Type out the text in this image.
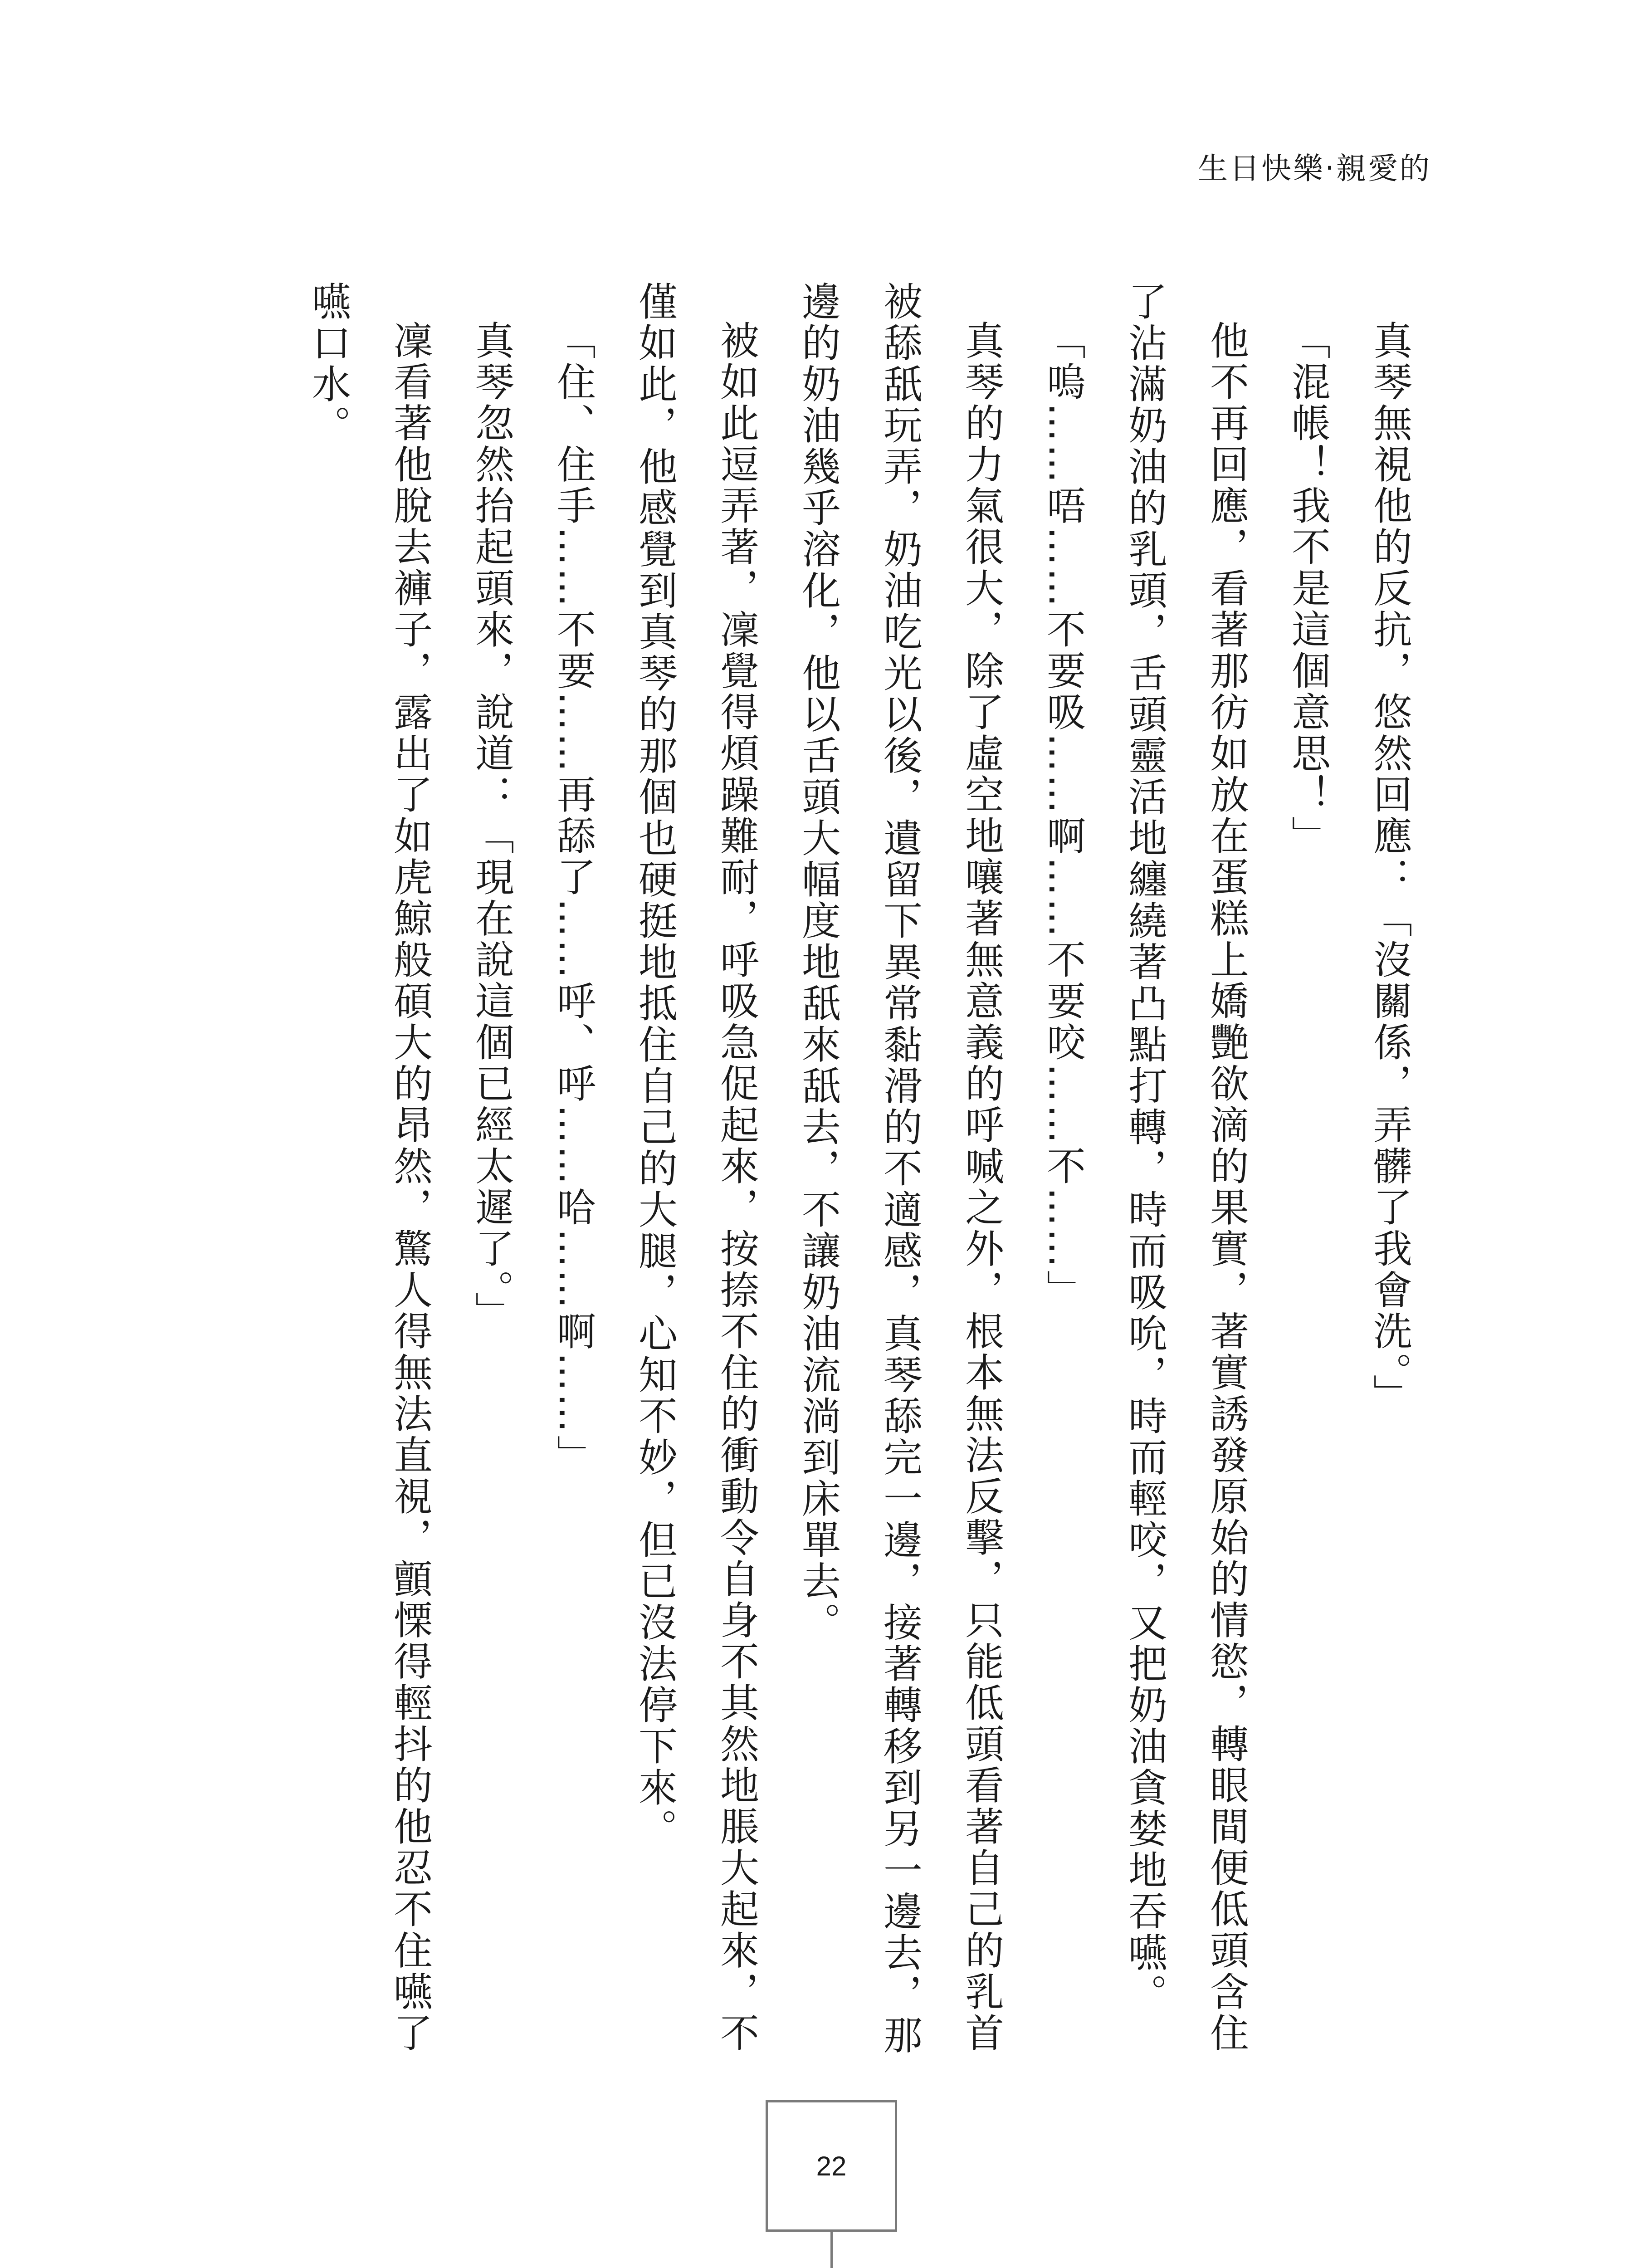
生日快樂‧親愛的

真琴無視他的反抗，悠然回應：「沒關係，弄髒了我會洗。」

「混帳！我不是這個意思！」

他不再回應，看著那彷如放在蛋糕上嬌艷欲滴的果實，著實誘發原始的情慾，轉眼間便低頭含住了沾滿奶油的乳頭，舌頭靈活地纏繞著凸點打轉，時而吸吮，時而輕咬，又把奶油貪婪地吞嚥。

「嗚……唔……不要吸……啊……不要咬……不……」

真琴的力氣很大，除了虛空地嚷著無意義的呼喊之外，根本無法反擊，只能低頭看著自己的乳首被舔舐玩弄，奶油吃光以後，遺留下異常黏滑的不適感，真琴舔完一邊，接著轉移到另一邊去，那邊的奶油幾乎溶化，他以舌頭大幅度地舐來舐去，不讓奶油流淌到床單去。

被如此逗弄著，凜覺得煩躁難耐，呼吸急促起來，按捺不住的衝動令自身不其然地脹大起來，不僅如此，他感覺到真琴的那個也硬挺地抵住自己的大腿，心知不妙，但已沒法停下來。

「住、住手……不要……再舔了……呼、呼……哈……啊……」

真琴忽然抬起頭來，說道：「現在說這個已經太遲了。」

凜看著他脫去褲子，露出了如虎鯨般碩大的昂然，驚人得無法直視，顫慄得輕抖的他忍不住嚥了嚥口水。

22
